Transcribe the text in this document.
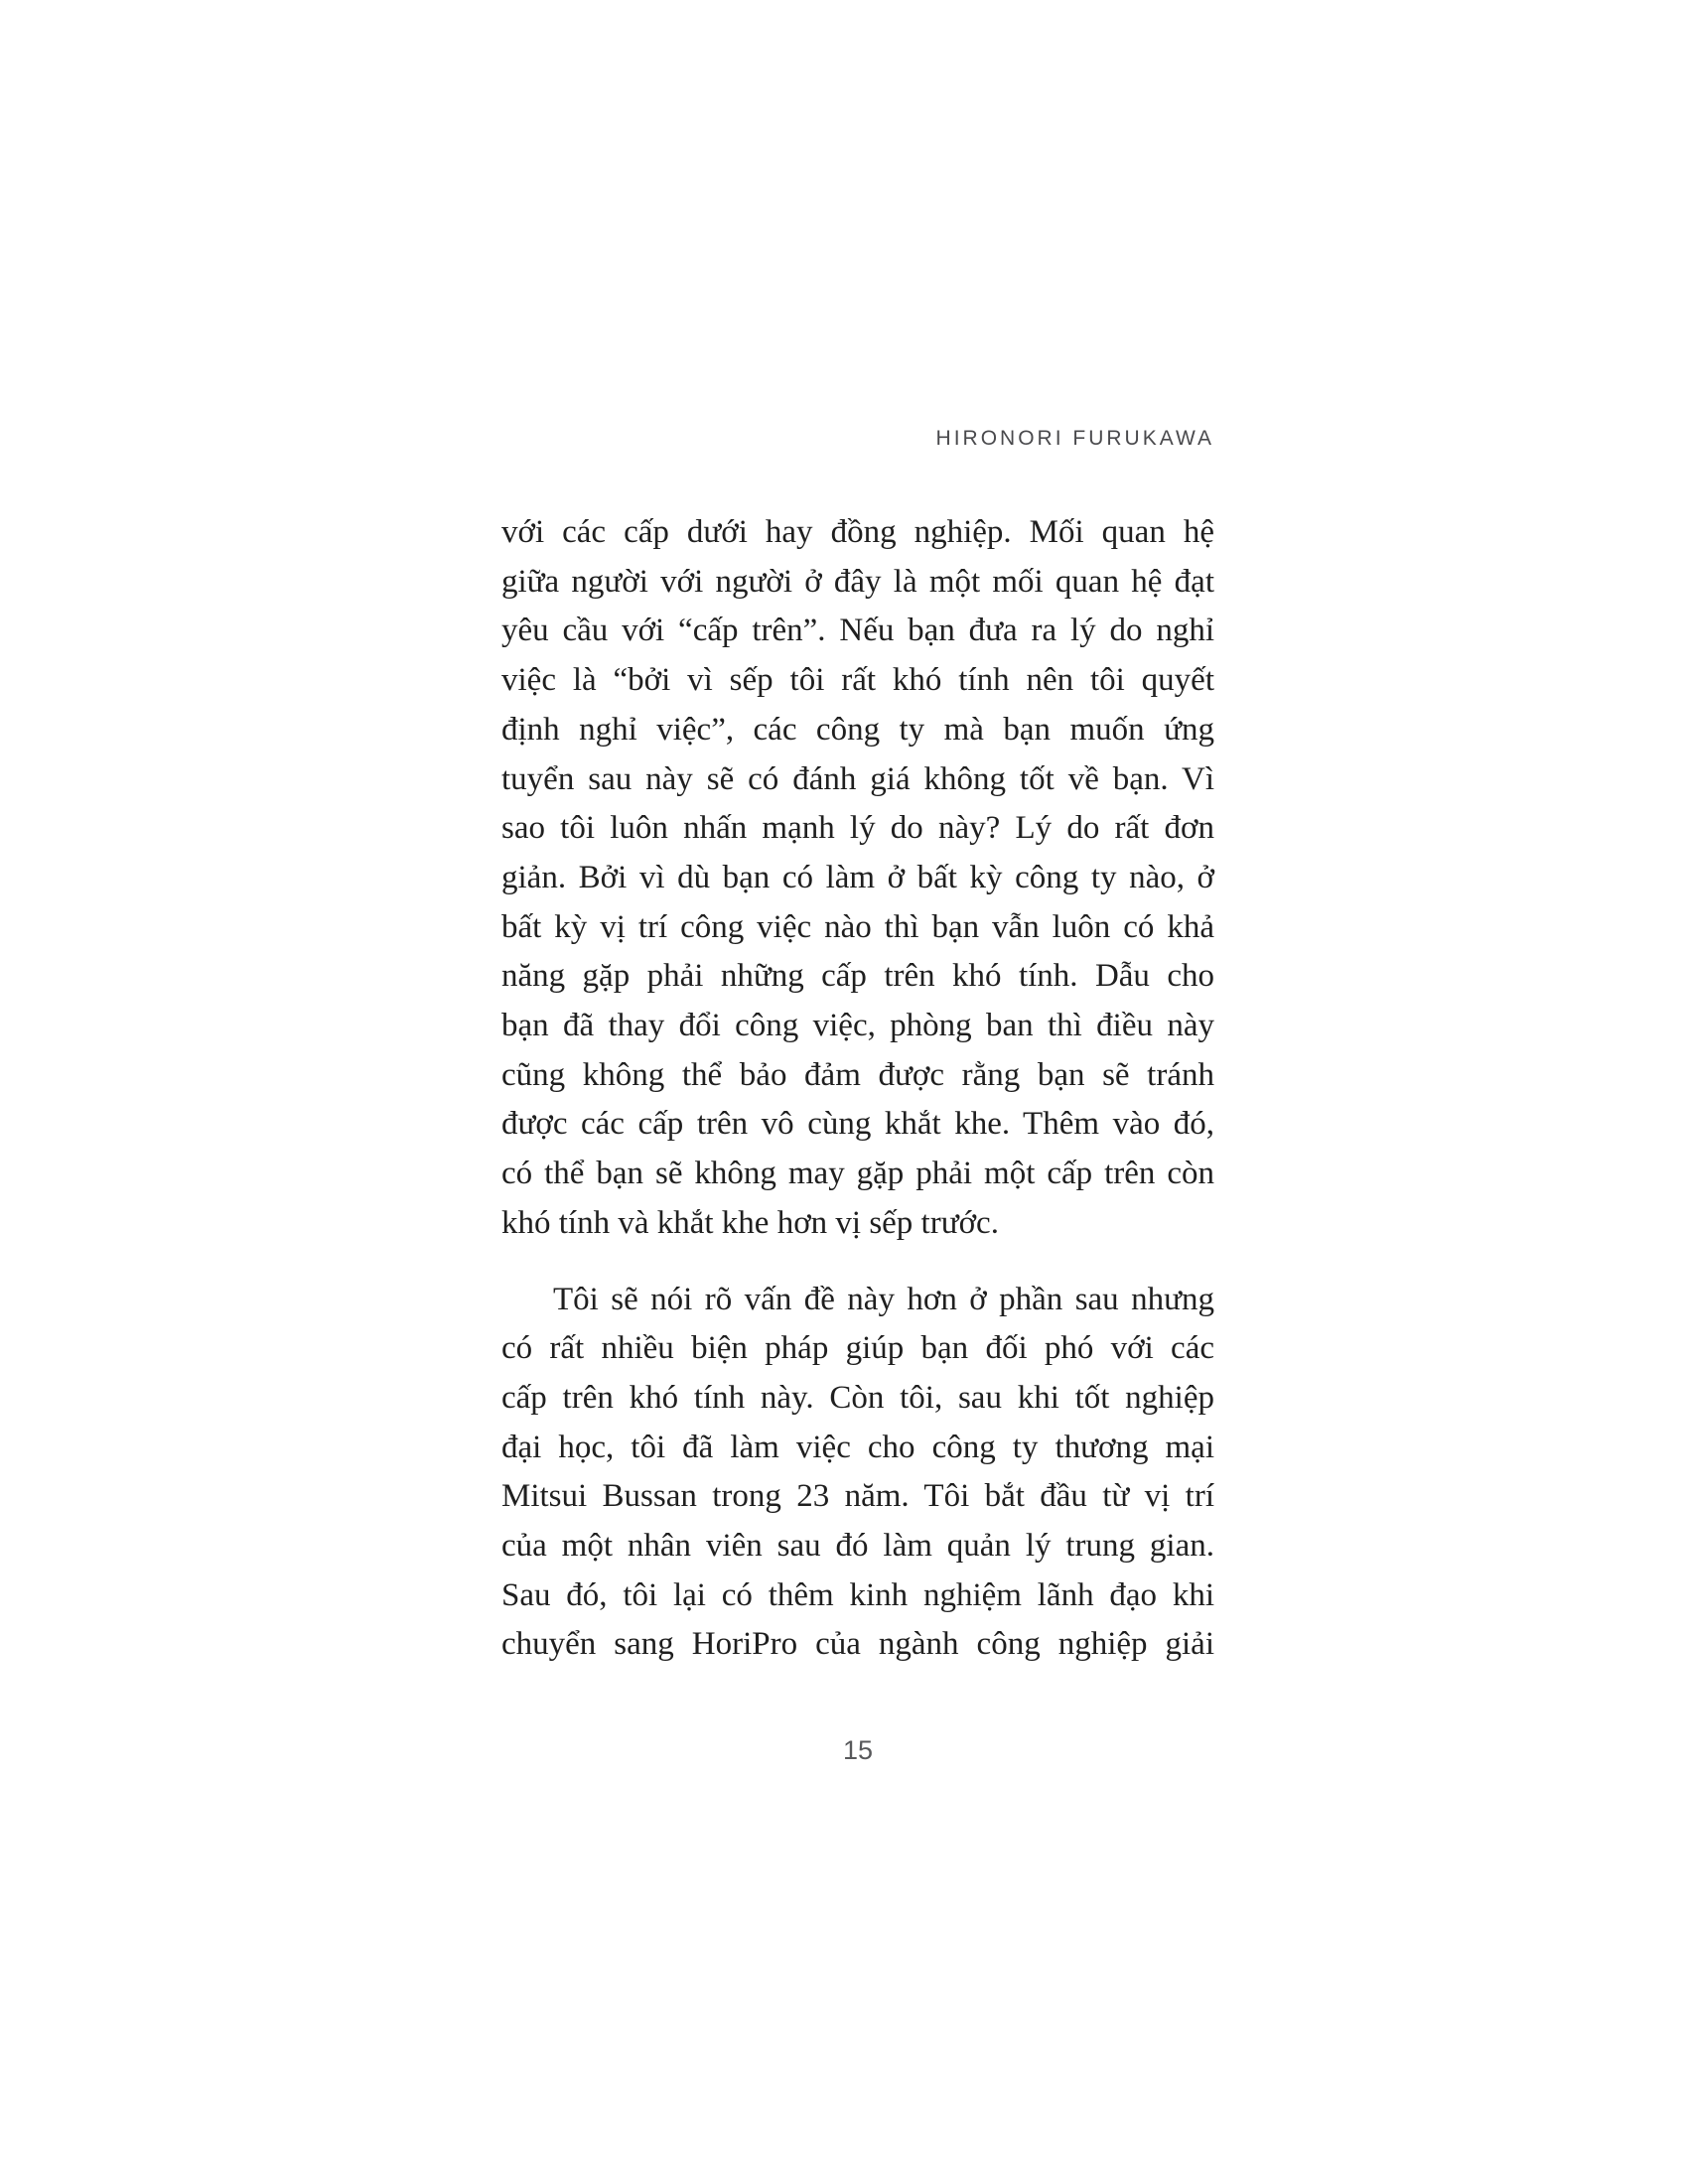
HIRONORI FURUKAWA
với các cấp dưới hay đồng nghiệp. Mối quan hệ
giữa người với người ở đây là một mối quan hệ đạt
yêu cầu với “cấp trên”. Nếu bạn đưa ra lý do nghỉ
việc là “bởi vì sếp tôi rất khó tính nên tôi quyết
định nghỉ việc”, các công ty mà bạn muốn ứng
tuyển sau này sẽ có đánh giá không tốt về bạn. Vì
sao tôi luôn nhấn mạnh lý do này? Lý do rất đơn
giản. Bởi vì dù bạn có làm ở bất kỳ công ty nào, ở
bất kỳ vị trí công việc nào thì bạn vẫn luôn có khả
năng gặp phải những cấp trên khó tính. Dẫu cho
bạn đã thay đổi công việc, phòng ban thì điều này
cũng không thể bảo đảm được rằng bạn sẽ tránh
được các cấp trên vô cùng khắt khe. Thêm vào đó,
có thể bạn sẽ không may gặp phải một cấp trên còn
khó tính và khắt khe hơn vị sếp trước.
Tôi sẽ nói rõ vấn đề này hơn ở phần sau nhưng
có rất nhiều biện pháp giúp bạn đối phó với các
cấp trên khó tính này. Còn tôi, sau khi tốt nghiệp
đại học, tôi đã làm việc cho công ty thương mại
Mitsui Bussan trong 23 năm. Tôi bắt đầu từ vị trí
của một nhân viên sau đó làm quản lý trung gian.
Sau đó, tôi lại có thêm kinh nghiệm lãnh đạo khi
chuyển sang HoriPro của ngành công nghiệp giải
15
